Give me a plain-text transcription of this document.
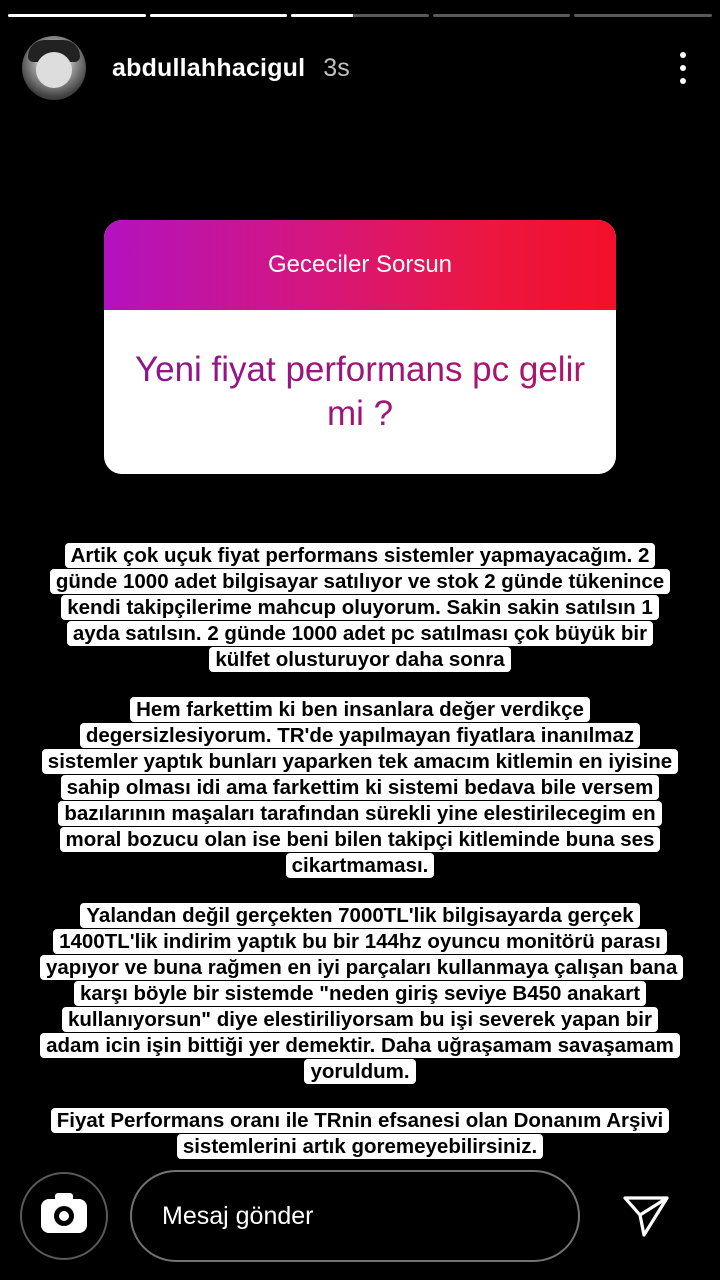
abdullahhacigul 3s
Gececiler Sorsun
Yeni fiyat performans pc gelir mi ?
Artik çok uçuk fiyat performans sistemler yapmayacağım. 2 günde 1000 adet bilgisayar satılıyor ve stok 2 günde tükenince kendi takipçilerime mahcup oluyorum. Sakin sakin satılsın 1 ayda satılsın. 2 günde 1000 adet pc satılması çok büyük bir külfet olusturuyor daha sonra
Hem farkettim ki ben insanlara değer verdikçe degersizlesiyorum. TR'de yapılmayan fiyatlara inanılmaz sistemler yaptık bunları yaparken tek amacım kitlemin en iyisine sahip olması idi ama farkettim ki sistemi bedava bile versem bazılarının maşaları tarafından sürekli yine elestirilecegim en moral bozucu olan ise beni bilen takipçi kitleminde buna ses cikartmaması.
Yalandan değil gerçekten 7000TL'lik bilgisayarda gerçek 1400TL'lik indirim yaptık bu bir 144hz oyuncu monitörü parası yapıyor ve buna rağmen en iyi parçaları kullanmaya çalışan bana karşı böyle bir sistemde "neden giriş seviye B450 anakart kullanıyorsun" diye elestiriliyorsam bu işi severek yapan bir adam icin işin bittiği yer demektir. Daha uğraşamam savaşamam yoruldum.
Fiyat Performans oranı ile TRnin efsanesi olan Donanım Arşivi sistemlerini artık goremeyebilirsiniz.
Mesaj gönder
